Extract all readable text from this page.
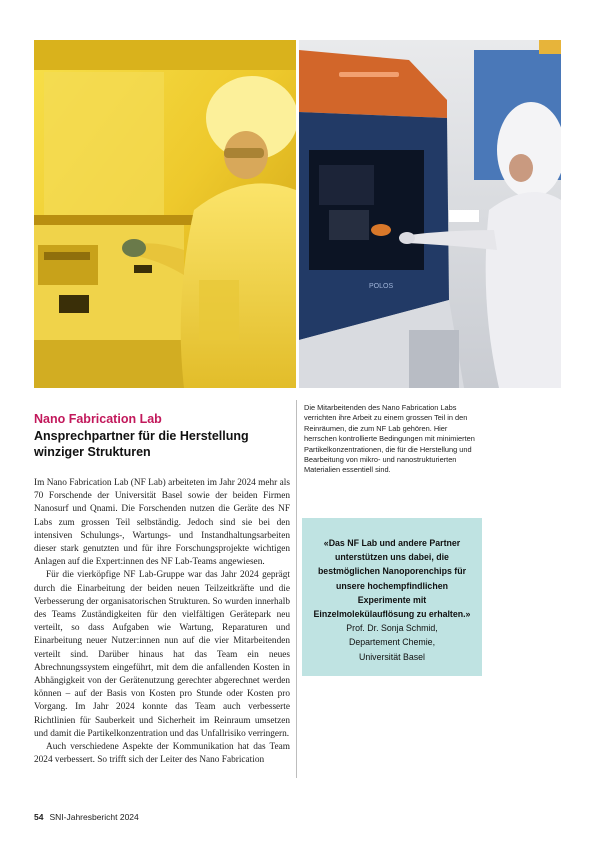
POLOS

Die Mitarbeitenden des Nano Fabrication Labs verrichten ihre Arbeit zu einem grossen Teil in den Reinräumen, die zum NF Lab gehören. Hier herrschen kontrollierte Bedingungen mit minimierten Partikelkonzentrationen, die für die Herstellung und Bearbeitung von mikro- und nanostrukturierten Materialien essentiell sind.

Nano Fabrication Lab
Ansprechpartner für die Herstellung winziger Strukturen

Im Nano Fabrication Lab (NF Lab) arbeiteten im Jahr 2024 mehr als 70 Forschende der Universität Basel sowie der beiden Firmen Nanosurf und Qnami. Die Forschenden nutzen die Geräte des NF Labs zum grossen Teil selbständig. Jedoch sind sie bei den intensiven Schulungs-, Wartungs- und Instandhaltungsarbeiten dieser stark genutzten und für ihre Forschungsprojekte wichtigen Anlagen auf die Expert:innen des NF Lab-Teams angewiesen.

Für die vierköpfige NF Lab-Gruppe war das Jahr 2024 geprägt durch die Einarbeitung der beiden neuen Teilzeitkräfte und die Verbesserung der organisatorischen Strukturen. So wurden innerhalb des Teams Zuständigkeiten für den vielfältigen Gerätepark neu verteilt, so dass Aufgaben wie Wartung, Reparaturen und Einarbeitung neuer Nutzer:innen nun auf die vier Mitarbeitenden verteilt sind. Darüber hinaus hat das Team ein neues Abrechnungssystem eingeführt, mit dem die anfallenden Kosten in Abhängigkeit von der Gerätenutzung gerechter abgerechnet werden können – auf der Basis von Kosten pro Stunde oder Kosten pro Vorgang. Im Jahr 2024 konnte das Team auch verbesserte Richtlinien für Sauberkeit und Sicherheit im Reinraum umsetzen und damit die Partikelkonzentration und das Unfallrisiko verringern.

Auch verschiedene Aspekte der Kommunikation hat das Team 2024 verbessert. So trifft sich der Leiter des Nano Fabrication

«Das NF Lab und andere Partner unterstützen uns dabei, die bestmöglichen Nanoporenchips für unsere hochempfindlichen Experimente mit Einzelmolekülauflösung zu erhalten.»

Prof. Dr. Sonja Schmid,

Departement Chemie,

Universität Basel

54 SNI-Jahresbericht 2024
